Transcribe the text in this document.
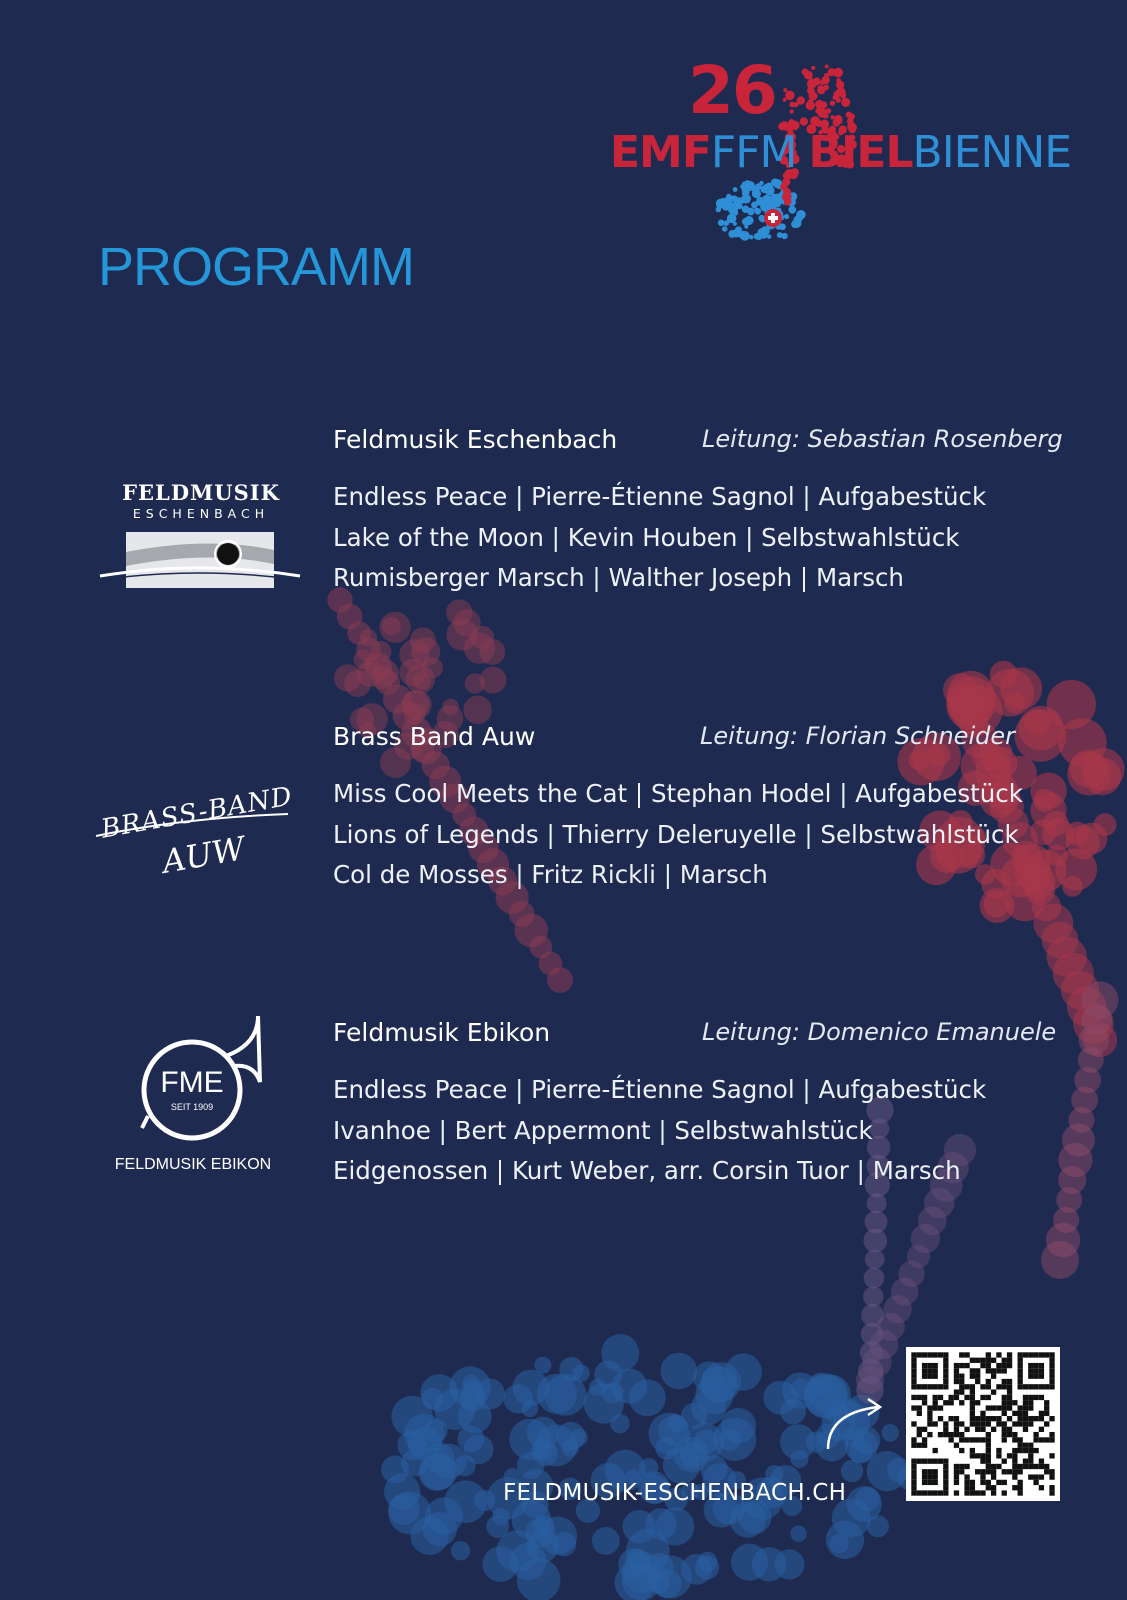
26
EMFFFM BIELBIENNE
PROGRAMM
Feldmusik Eschenbach	Leitung: Sebastian Rosenberg
Endless Peace | Pierre-Étienne Sagnol | Aufgabestück
Lake of the Moon | Kevin Houben | Selbstwahlstück
Rumisberger Marsch | Walther Joseph | Marsch
FELDMUSIK
ESCHENBACH
Brass Band Auw	Leitung: Florian Schneider
Miss Cool Meets the Cat | Stephan Hodel | Aufgabestück
Lions of Legends | Thierry Deleruyelle | Selbstwahlstück
Col de Mosses | Fritz Rickli | Marsch
BRASS-BAND
AUW
Feldmusik Ebikon	Leitung: Domenico Emanuele
Endless Peace | Pierre-Étienne Sagnol | Aufgabestück
Ivanhoe | Bert Appermont | Selbstwahlstück
Eidgenossen | Kurt Weber, arr. Corsin Tuor | Marsch
FME
SEIT 1909
FELDMUSIK EBIKON
FELDMUSIK-ESCHENBACH.CH
